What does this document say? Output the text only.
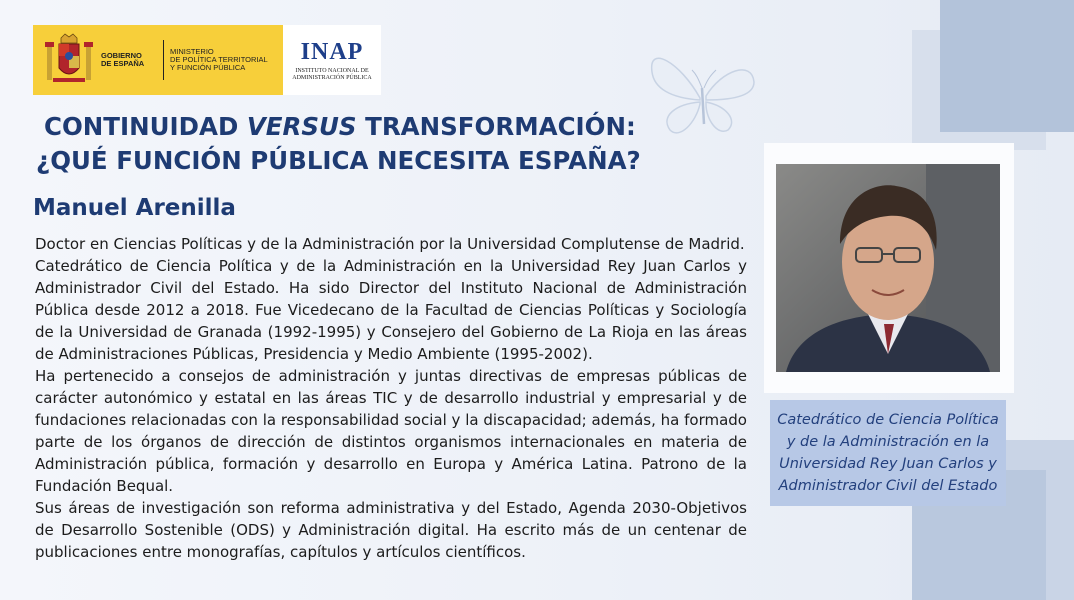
GOBIERNO
DE ESPAÑA
MINISTERIO
DE POLÍTICA TERRITORIAL
Y FUNCIÓN PÚBLICA
INAP
INSTITUTO NACIONAL DE
ADMINISTRACIÓN PÚBLICA
CONTINUIDAD VERSUS TRANSFORMACIÓN:
¿QUÉ FUNCIÓN PÚBLICA NECESITA ESPAÑA?
Manuel Arenilla

Doctor en Ciencias Políticas y de la Administración por la Universidad Complutense de Madrid.

Catedrático de Ciencia Política y de la Administración en la Universidad Rey Juan Carlos y Administrador Civil del Estado. Ha sido Director del Instituto Nacional de Administración Pública desde 2012 a 2018. Fue Vicedecano de la Facultad de Ciencias Políticas y Sociología de la Universidad de Granada (1992-1995) y Consejero del Gobierno de La Rioja en las áreas de Administraciones Públicas, Presidencia y Medio Ambiente (1995-2002).

Ha pertenecido a consejos de administración y juntas directivas de empresas públicas de carácter autonómico y estatal en las áreas TIC y de desarrollo industrial y empresarial y de fundaciones relacionadas con la responsabilidad social y la discapacidad; además, ha formado parte de los órganos de dirección de distintos organismos internacionales en materia de Administración pública, formación y desarrollo en Europa y América Latina. Patrono de la Fundación Bequal.

Sus áreas de investigación son reforma administrativa y del Estado, Agenda 2030-Objetivos de Desarrollo Sostenible (ODS) y Administración digital. Ha escrito más de un centenar de publicaciones entre monografías, capítulos y artículos científicos.

Catedrático de Ciencia Política y de la Administración en la Universidad Rey Juan Carlos y Administrador Civil del Estado
